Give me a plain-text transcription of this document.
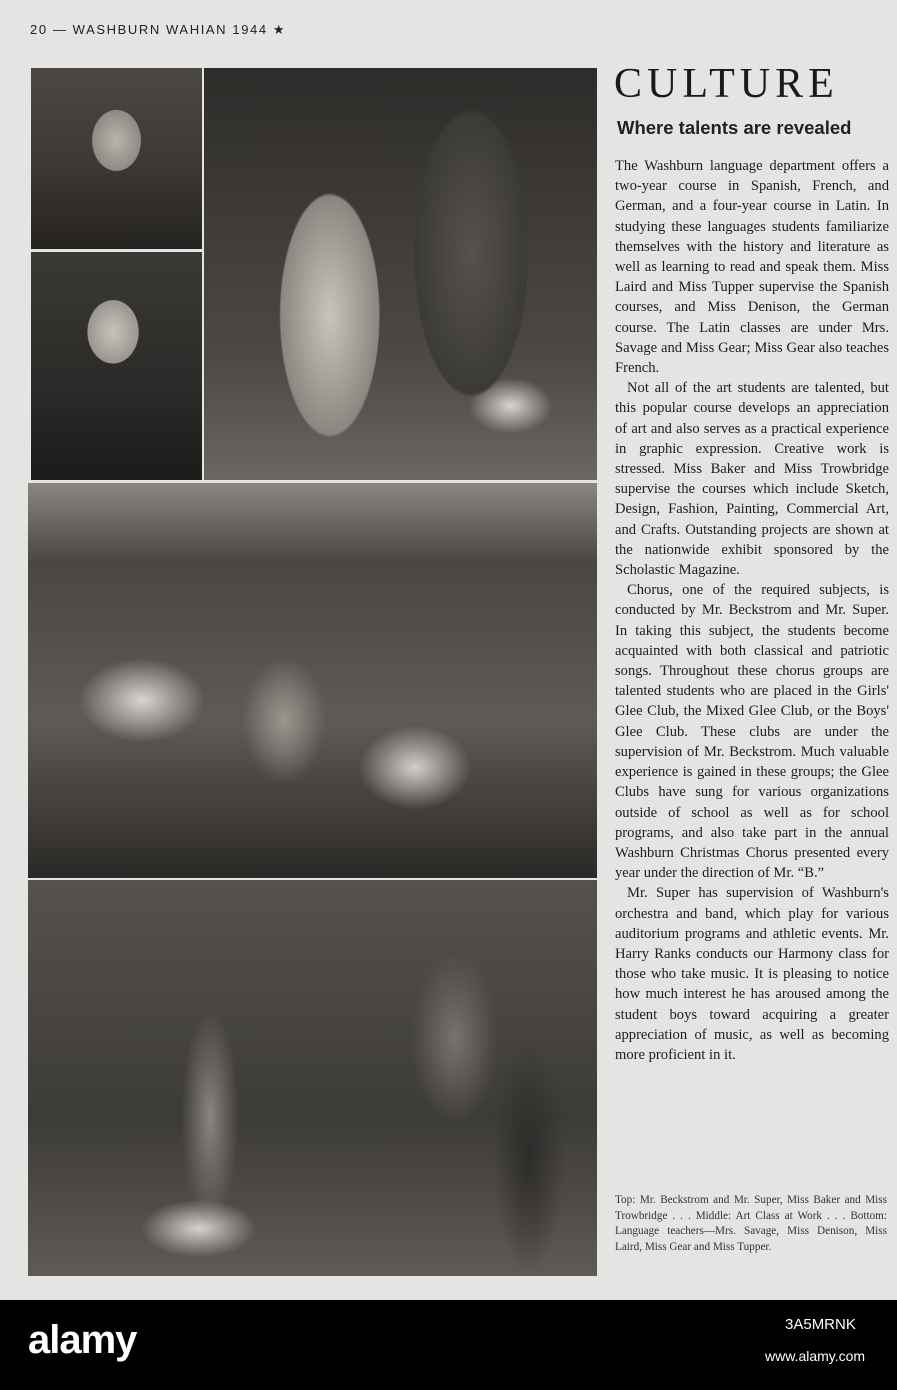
20 — WASHBURN WAHIAN 1944 ★
CULTURE
Where talents are revealed

The Washburn language department offers a two-year course in Spanish, French, and German, and a four-year course in Latin. In studying these languages students familiarize themselves with the history and literature as well as learning to read and speak them. Miss Laird and Miss Tupper supervise the Spanish courses, and Miss Denison, the German course. The Latin classes are under Mrs. Savage and Miss Gear; Miss Gear also teaches French.

Not all of the art students are talented, but this popular course develops an appreciation of art and also serves as a practical experience in graphic expression. Creative work is stressed. Miss Baker and Miss Trowbridge supervise the courses which include Sketch, Design, Fashion, Painting, Commercial Art, and Crafts. Outstanding projects are shown at the nationwide exhibit sponsored by the Scholastic Magazine.

Chorus, one of the required subjects, is conducted by Mr. Beckstrom and Mr. Super. In taking this subject, the students become acquainted with both classical and patriotic songs. Throughout these chorus groups are talented students who are placed in the Girls' Glee Club, the Mixed Glee Club, or the Boys' Glee Club. These clubs are under the supervision of Mr. Beckstrom. Much valuable experience is gained in these groups; the Glee Clubs have sung for various organizations outside of school as well as for school programs, and also take part in the annual Washburn Christmas Chorus presented every year under the direction of Mr. “B.”

Mr. Super has supervision of Washburn's orchestra and band, which play for various auditorium programs and athletic events. Mr. Harry Ranks conducts our Harmony class for those who take music. It is pleasing to notice how much interest he has aroused among the student boys toward acquiring a greater appreciation of music, as well as becoming more proficient in it.

Top: Mr. Beckstrom and Mr. Super, Miss Baker and Miss Trowbridge . . . Middle: Art Class at Work . . . Bottom: Language teachers—Mrs. Savage, Miss Denison, Miss Laird, Miss Gear and Miss Tupper.
alamy	3A5MRNK
www.alamy.com
